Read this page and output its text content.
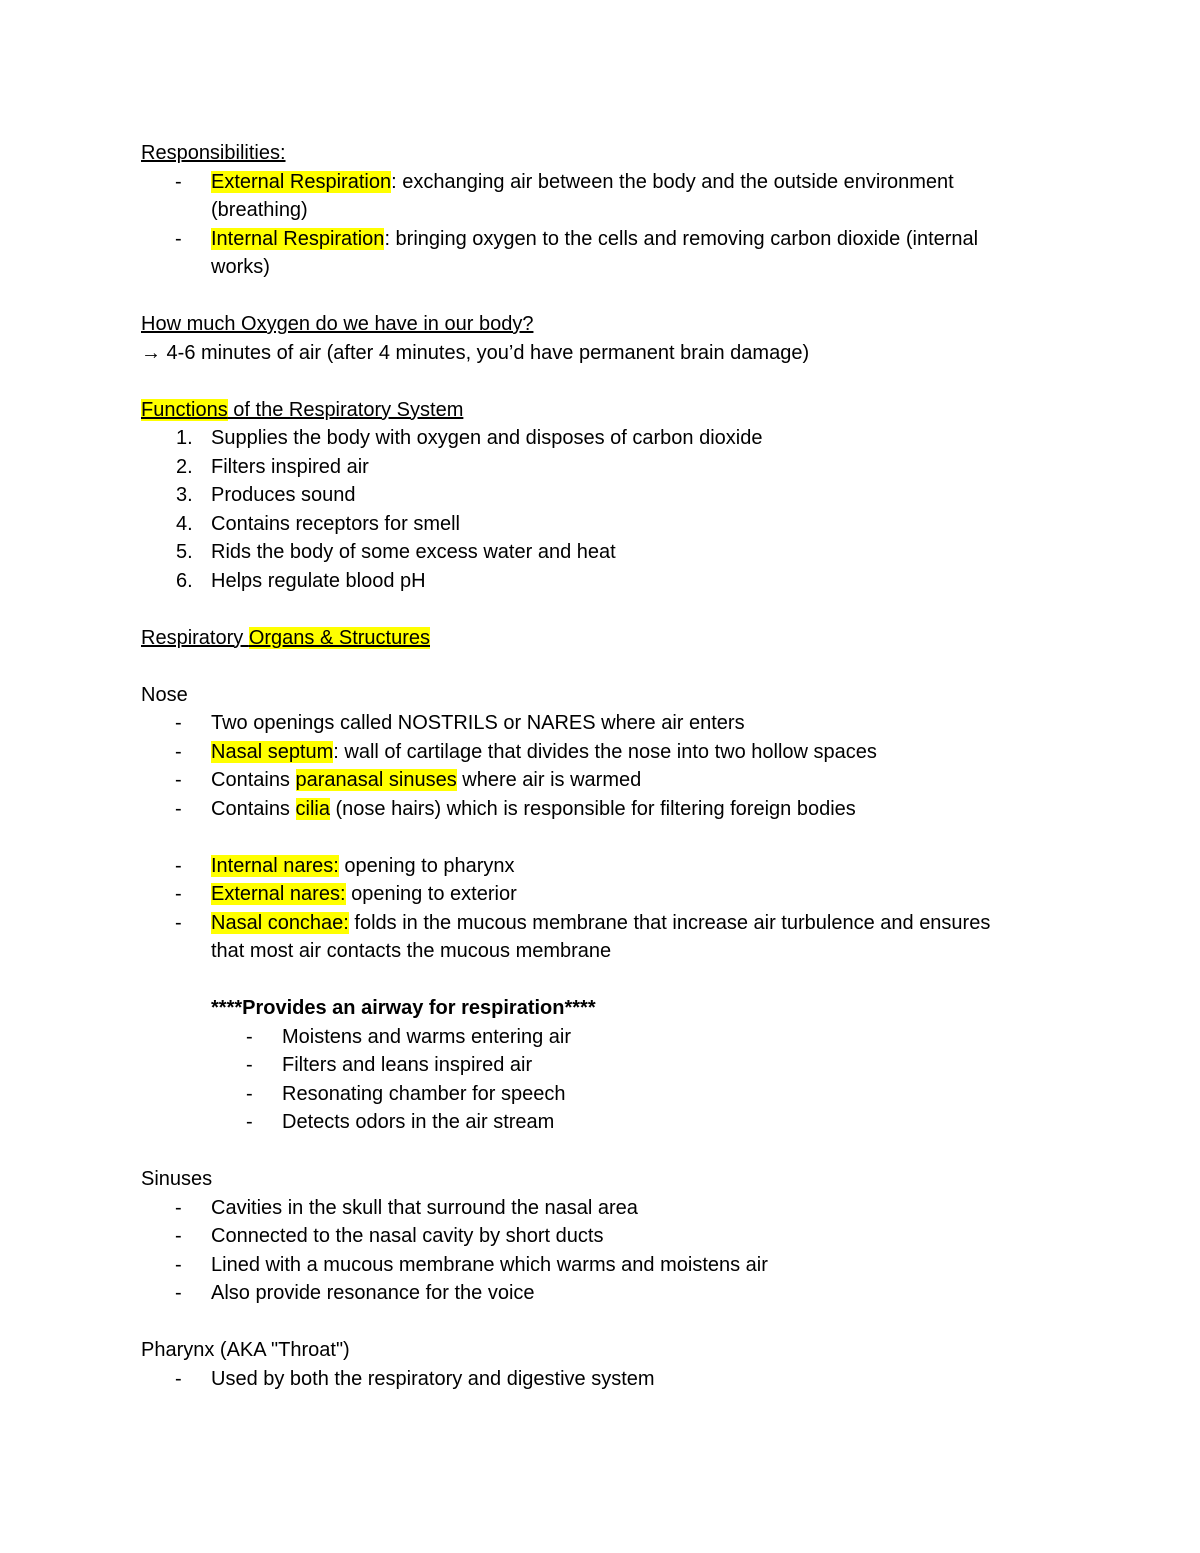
Responsibilities:
- External Respiration: exchanging air between the body and the outside environment
(breathing)
- Internal Respiration: bringing oxygen to the cells and removing carbon dioxide (internal
works)
How much Oxygen do we have in our body?
→ 4-6 minutes of air (after 4 minutes, you’d have permanent brain damage)
Functions of the Respiratory System
1. Supplies the body with oxygen and disposes of carbon dioxide
2. Filters inspired air
3. Produces sound
4. Contains receptors for smell
5. Rids the body of some excess water and heat
6. Helps regulate blood pH
Respiratory Organs & Structures
Nose
- Two openings called NOSTRILS or NARES where air enters
- Nasal septum: wall of cartilage that divides the nose into two hollow spaces
- Contains paranasal sinuses where air is warmed
- Contains cilia (nose hairs) which is responsible for filtering foreign bodies
- Internal nares: opening to pharynx
- External nares: opening to exterior
- Nasal conchae: folds in the mucous membrane that increase air turbulence and ensures
that most air contacts the mucous membrane
****Provides an airway for respiration****
- Moistens and warms entering air
- Filters and leans inspired air
- Resonating chamber for speech
- Detects odors in the air stream
Sinuses
- Cavities in the skull that surround the nasal area
- Connected to the nasal cavity by short ducts
- Lined with a mucous membrane which warms and moistens air
- Also provide resonance for the voice
Pharynx (AKA "Throat")
- Used by both the respiratory and digestive system
